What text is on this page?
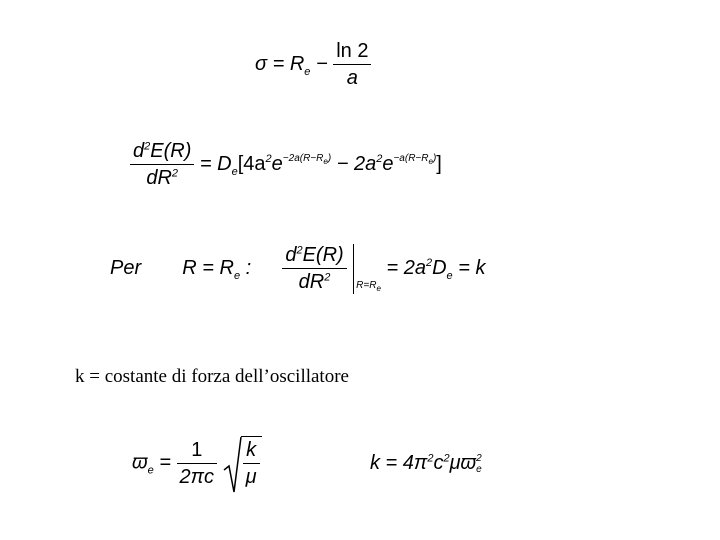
$\sigma = R_e - \frac{\ln 2}{a}$
$\frac{d^2E(R)}{dR^2} = D_e[4a^2e^{-2a(R-R_e)} - 2a^2e^{-a(R-R_e)}]$
Per $R = R_e$ : $\frac{d^2E(R)}{dR^2} _{R=R_e} = 2a^2D_e = k$
k = costante di forza dell’oscillatore
$ϖ_e = \frac{1}{2\pi c}$
$\frac{k}{\mu}$	$k = 4\pi^2c^2\mu ϖ$ 2
e
